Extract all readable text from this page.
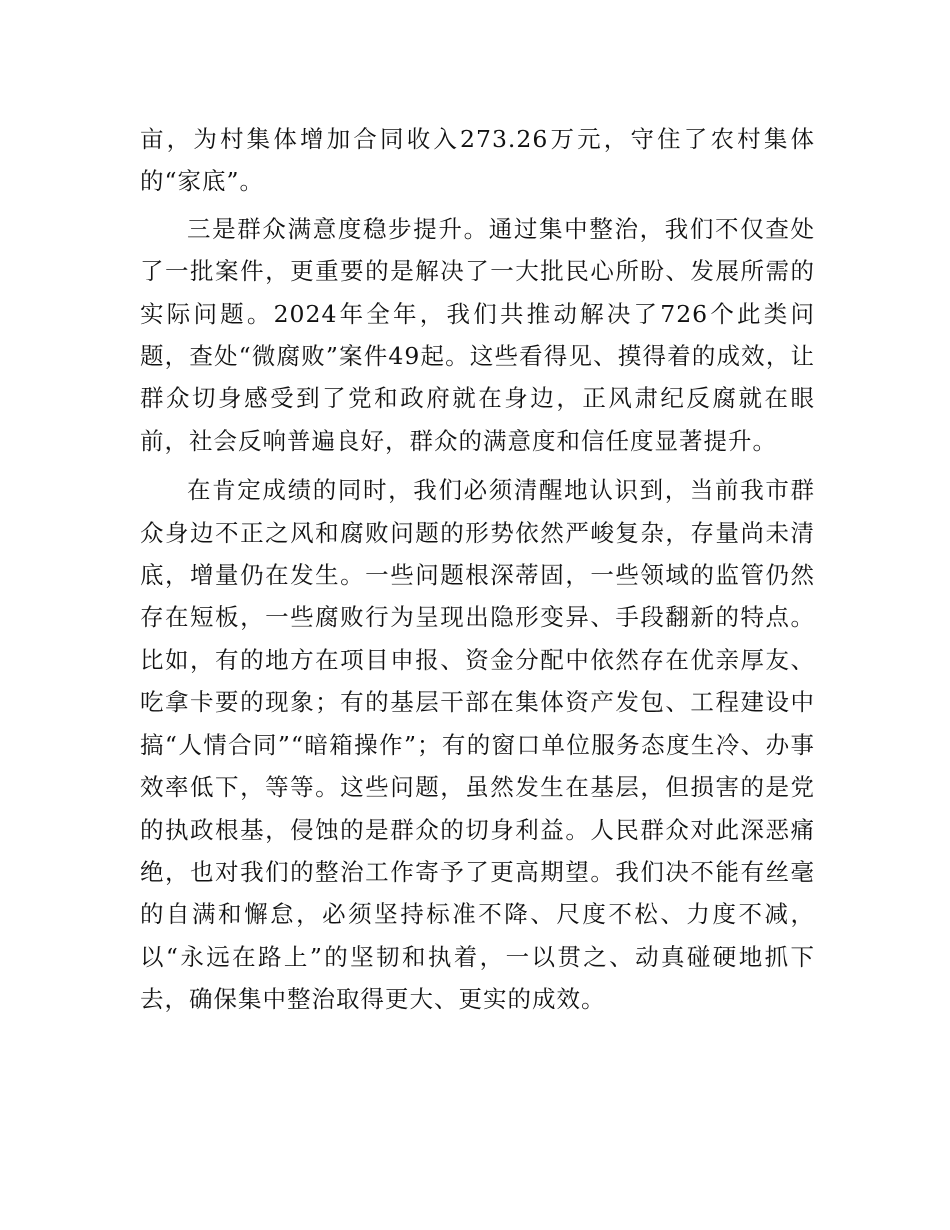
亩，为村集体增加合同收入273.26万元，守住了农村集体的“家底”。

三是群众满意度稳步提升。通过集中整治，我们不仅查处了一批案件，更重要的是解决了一大批民心所盼、发展所需的实际问题。2024年全年，我们共推动解决了726个此类问题，查处“微腐败”案件49起。这些看得见、摸得着的成效，让群众切身感受到了党和政府就在身边，正风肃纪反腐就在眼前，社会反响普遍良好，群众的满意度和信任度显著提升。

在肯定成绩的同时，我们必须清醒地认识到，当前我市群众身边不正之风和腐败问题的形势依然严峻复杂，存量尚未清底，增量仍在发生。一些问题根深蒂固，一些领域的监管仍然存在短板，一些腐败行为呈现出隐形变异、手段翻新的特点。比如，有的地方在项目申报、资金分配中依然存在优亲厚友、吃拿卡要的现象；有的基层干部在集体资产发包、工程建设中搞“人情合同”“暗箱操作”；有的窗口单位服务态度生冷、办事效率低下，等等。这些问题，虽然发生在基层，但损害的是党的执政根基，侵蚀的是群众的切身利益。人民群众对此深恶痛绝，也对我们的整治工作寄予了更高期望。我们决不能有丝毫的自满和懈怠，必须坚持标准不降、尺度不松、力度不减，以“永远在路上”的坚韧和执着，一以贯之、动真碰硬地抓下去，确保集中整治取得更大、更实的成效。
